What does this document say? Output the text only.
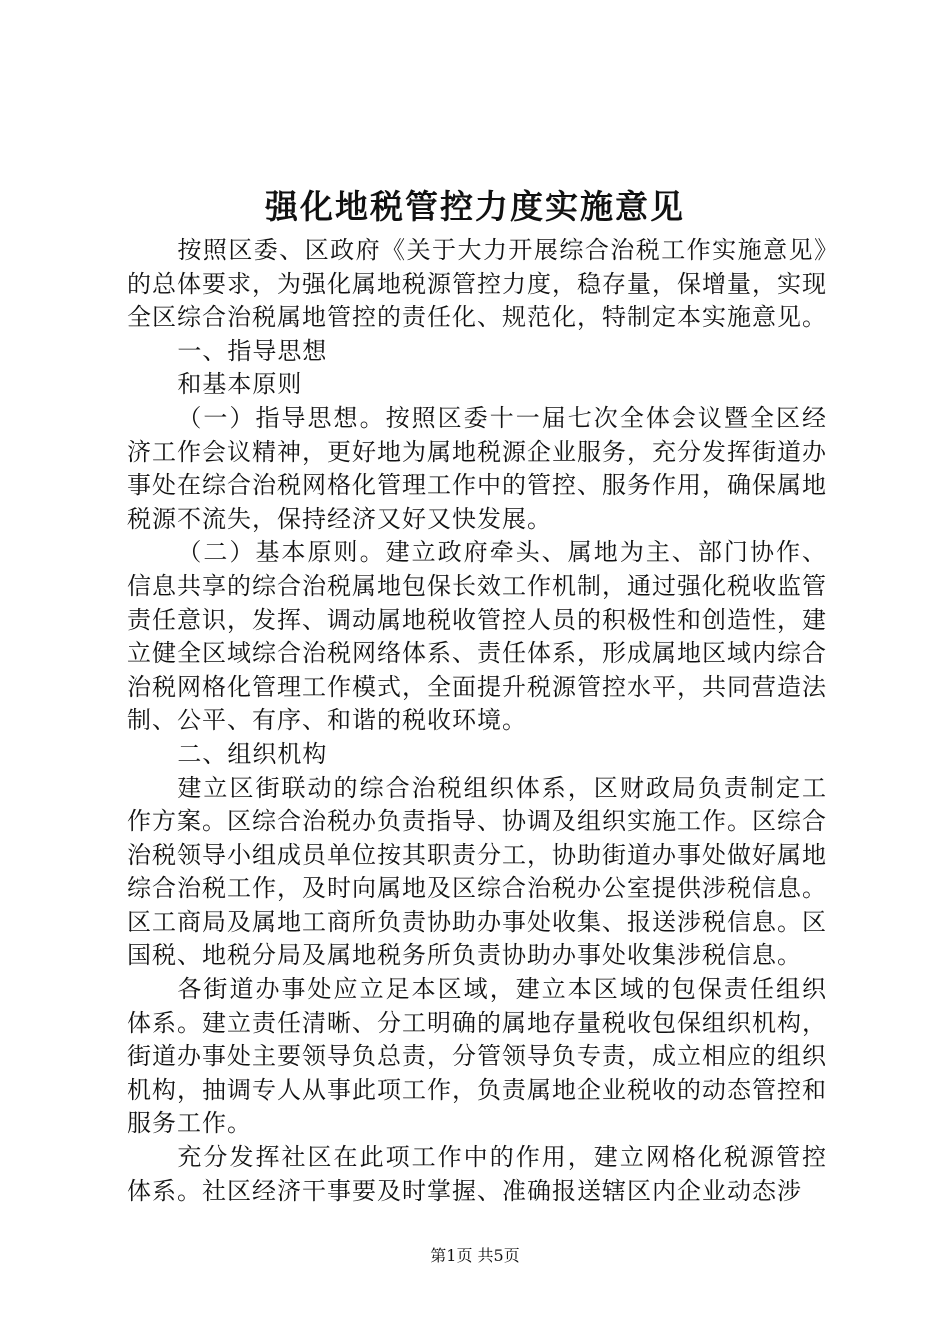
强化地税管控力度实施意见

按照区委、区政府《关于大力开展综合治税工作实施意见》的总体要求，为强化属地税源管控力度，稳存量，保增量，实现全区综合治税属地管控的责任化、规范化，特制定本实施意见。

一、指导思想

和基本原则

（一）指导思想。按照区委十一届七次全体会议暨全区经济工作会议精神，更好地为属地税源企业服务，充分发挥街道办事处在综合治税网格化管理工作中的管控、服务作用，确保属地税源不流失，保持经济又好又快发展。

（二）基本原则。建立政府牵头、属地为主、部门协作、信息共享的综合治税属地包保长效工作机制，通过强化税收监管责任意识，发挥、调动属地税收管控人员的积极性和创造性，建立健全区域综合治税网络体系、责任体系，形成属地区域内综合治税网格化管理工作模式，全面提升税源管控水平，共同营造法制、公平、有序、和谐的税收环境。

二、组织机构

建立区街联动的综合治税组织体系，区财政局负责制定工作方案。区综合治税办负责指导、协调及组织实施工作。区综合治税领导小组成员单位按其职责分工，协助街道办事处做好属地综合治税工作，及时向属地及区综合治税办公室提供涉税信息。区工商局及属地工商所负责协助办事处收集、报送涉税信息。区国税、地税分局及属地税务所负责协助办事处收集涉税信息。

各街道办事处应立足本区域，建立本区域的包保责任组织体系。建立责任清晰、分工明确的属地存量税收包保组织机构，街道办事处主要领导负总责，分管领导负专责，成立相应的组织机构，抽调专人从事此项工作，负责属地企业税收的动态管控和服务工作。

充分发挥社区在此项工作中的作用，建立网格化税源管控体系。社区经济干事要及时掌握、准确报送辖区内企业动态涉

第1页 共5页
